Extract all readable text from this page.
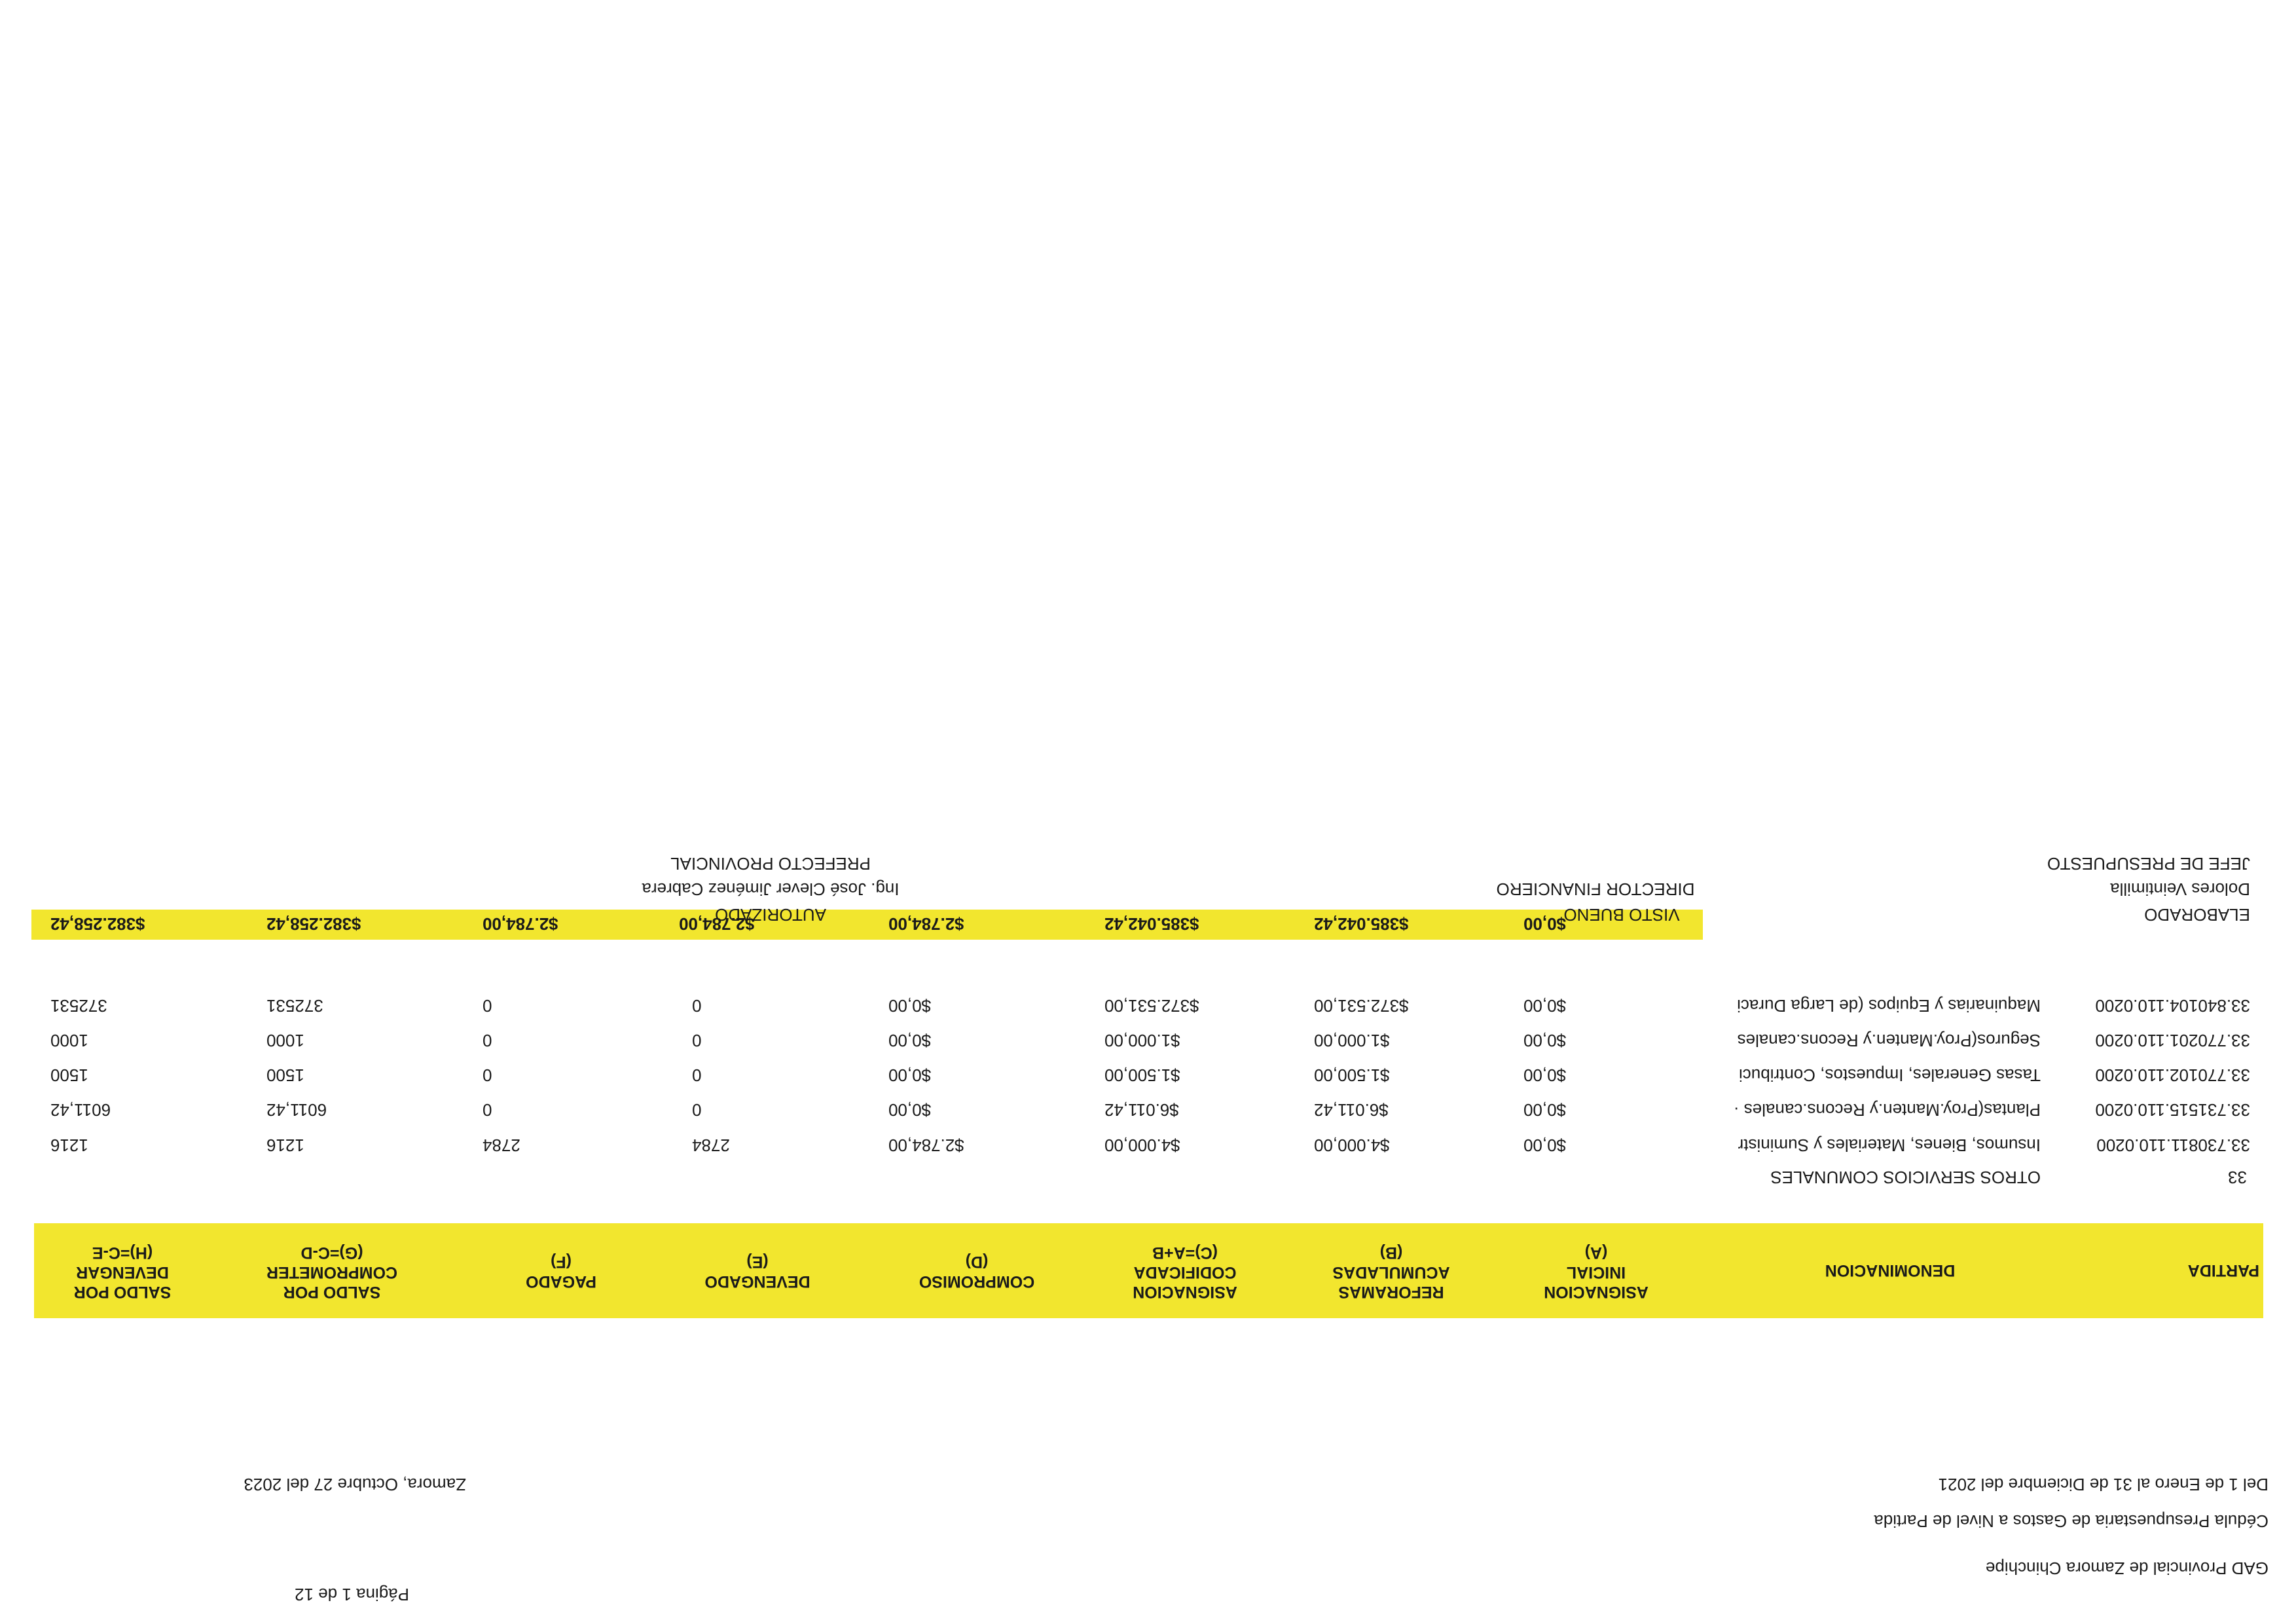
GAD Provincial de Zamora Chinchipe
Cédula Presupuestaria de Gastos a Nivel de Partida
Del 1 de Enero al 31 de Diciembre del 2021
Zamora, Octubre 27 del 2023
Página 1 de 12
PARTIDA
DENOMINACION
ASIGNACION INICIAL
(A)
REFORAMAS ACUMULADAS
(B)
ASIGNACION CODIFICADA
(C)=A+B
COMPROMISO
(D)
DEVENGADO
(E)
PAGADO
(F)
SALDO POR COMPROMETER
(G)=C-D
SALDO POR DEVENGAR
(H)=C-E
33
OTROS SERVICIOS COMUNALES
33.730811.110.0200
Insumos, Bienes, Materiales y Suministr
$0,00
$4.000,00
$4.000,00
$2.784,00
2784
2784
1216
1216
33.731515.110.0200
Plantas(Proy.Manten.y Recons.canales ·
$0,00
$6.011,42
$6.011,42
$0,00
0
0
6011,42
6011,42
33.770102.110.0200
Tasas Generales, Impuestos, Contribuci
$0,00
$1.500,00
$1.500,00
$0,00
0
0
1500
1500
33.770201.110.0200
Seguros(Proy.Manten.y Recons.canales
$0,00
$1.000,00
$1.000,00
$0,00
0
0
1000
1000
33.840104.110.0200
Maquinarias y Equipos (de Larga Duraci
$0,00
$372.531,00
$372.531,00
$0,00
0
0
372531
372531
$0,00
$385.042,42
$385.042,42
$2.784,00
$2.784,00
$2.784,00
$382.258,42
$382.258,42	ELABORADO
Dolores Veintimilla
JEFE DE PRESUPUESTO
VISTO BUENO
DIRECTOR FINANCIERO
AUTORIZADO
Ing. José Clever Jiménez Cabrera
PREFECTO PROVINCIAL
